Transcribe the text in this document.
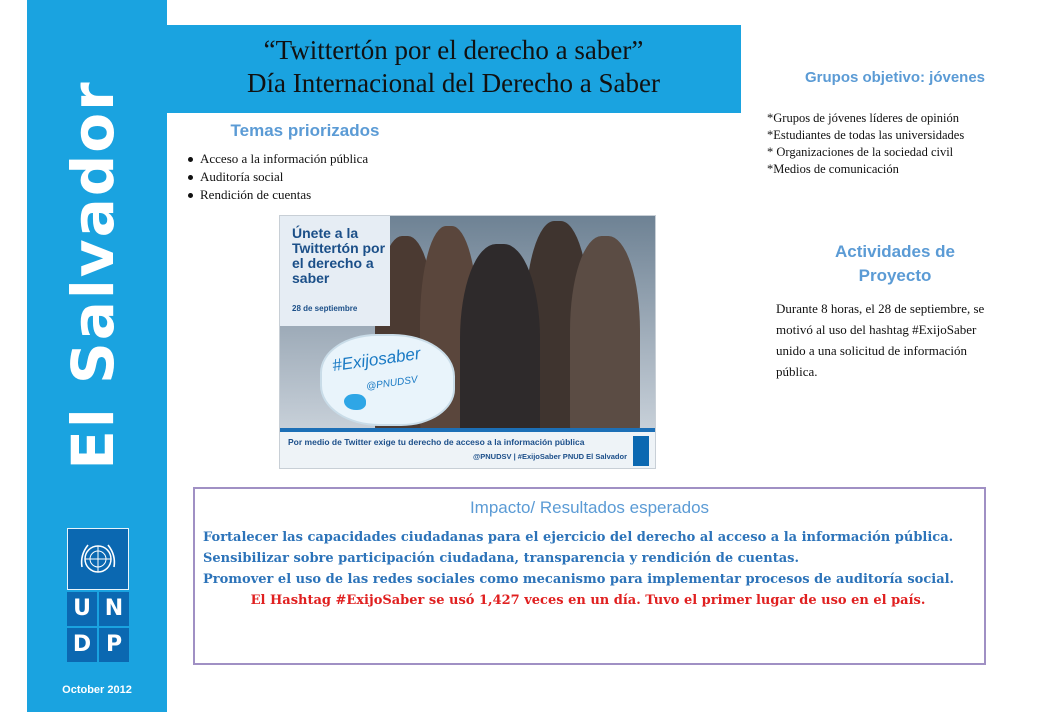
El Salvador
U N
D P
October 2012
“Twittertón por el derecho a saber”
Día Internacional del Derecho a Saber
Temas priorizados
Acceso a la información pública
Auditoría social
Rendición de cuentas
Grupos objetivo: jóvenes
*Grupos de jóvenes líderes de opinión
*Estudiantes de todas las universidades
* Organizaciones de la sociedad civil
*Medios de comunicación
Actividades de Proyecto
Durante 8 horas, el 28 de septiembre, se motivó al uso del hashtag #ExijoSaber unido a una solicitud de información pública.
Únete a la Twittertón por el derecho a saber
28 de septiembre
#Exijosaber
@PNUDSV
Por medio de Twitter exige tu derecho de acceso a la información pública
@PNUDSV | #ExijoSaber PNUD El Salvador
Impacto/ Resultados esperados
Fortalecer las capacidades ciudadanas para el ejercicio del derecho al acceso a la información pública.
Sensibilizar sobre participación ciudadana, transparencia y rendición de cuentas.
Promover el uso de las redes sociales como mecanismo para implementar procesos de auditoría social.
El Hashtag #ExijoSaber se usó 1,427 veces en un día. Tuvo el primer lugar de uso en el país.
